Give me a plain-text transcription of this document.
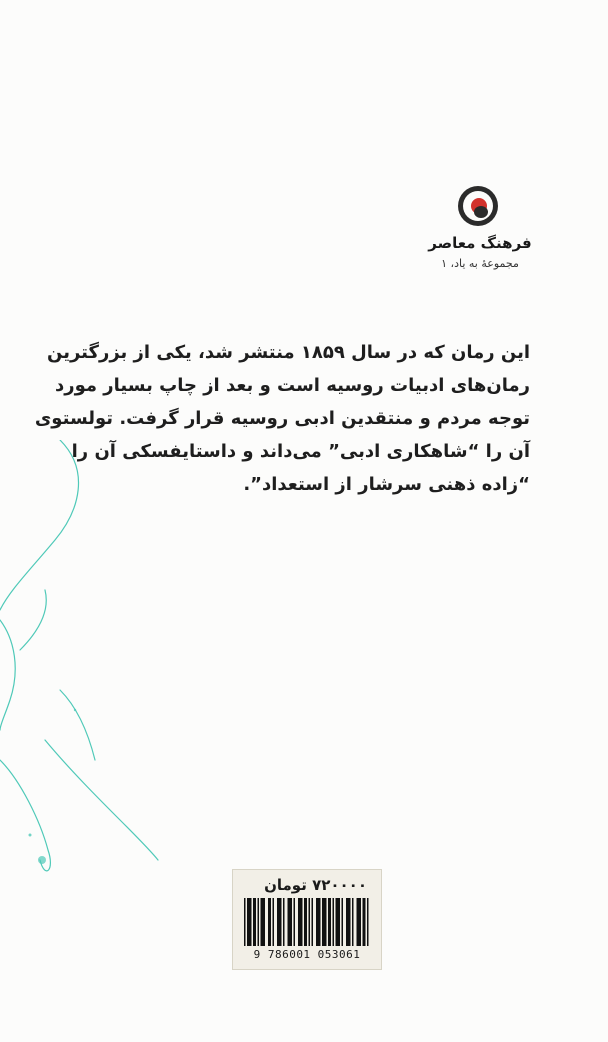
فرهنگ معاصر
مجموعهٔ به یاد، ۱
این رمان که در سال ۱۸۵۹ منتشر شد، یکی از بزرگترین
رمان‌های ادبیات روسیه است و بعد از چاپ بسیار مورد
توجه مردم و منتقدین ادبی روسیه قرار گرفت. تولستوی
آن را “شاهکاری ادبی” می‌داند و داستایفسکی آن را
“زاده ذهنی سرشار از استعداد”.
۷۲۰۰۰۰ تومان
9 786001 053061
